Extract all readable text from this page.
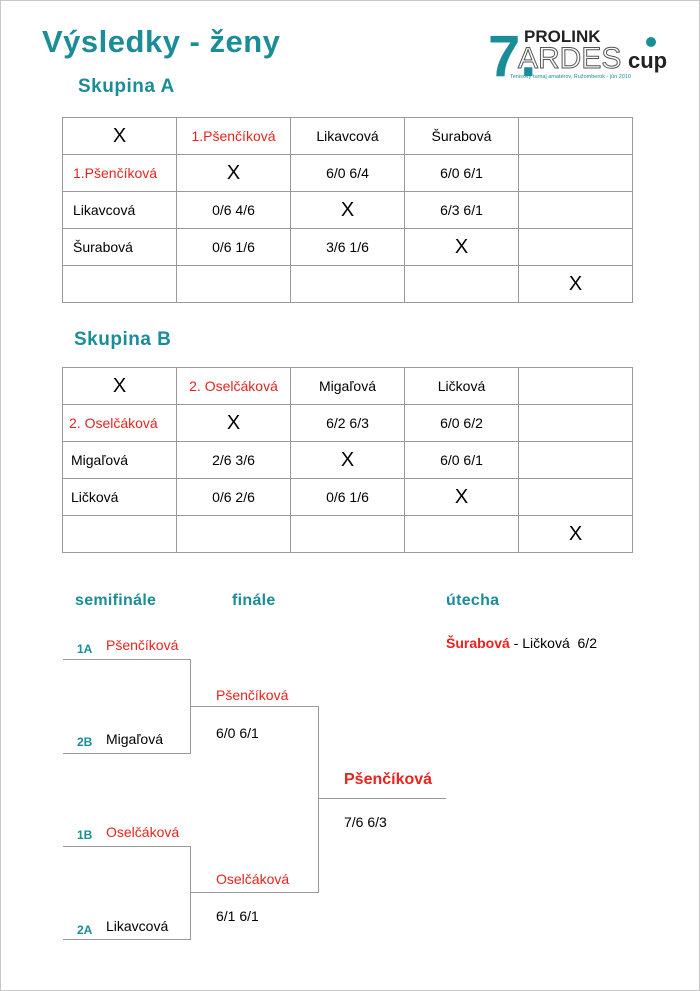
Výsledky - ženy	7.
PROLINK
ARDES cup
Tenisový turnaj amatérov, Ružomberok - jún 2010
Skupina A
X	1.Pšenčíková	Likavcová	Šurabová	
1.Pšenčíková	X	6/0 6/4	6/0 6/1	
Likavcová	0/6 4/6	X	6/3 6/1	
Šurabová	0/6 1/6	3/6 1/6	X	
				X
Skupina B
X	2. Oselčáková	Migaľová	Ličková	
2. Oselčáková	X	6/2 6/3	6/0 6/2	
Migaľová	2/6 3/6	X	6/0 6/1	
Ličková	0/6 2/6	0/6 1/6	X	
				X
semifinále	finále	útecha
1A Pšenčíková
2B Migaľová
1B Oselčáková
2A Likavcová
Pšenčíková
6/0 6/1
Oselčáková
6/1 6/1
Pšenčíková
7/6 6/3
Šurabová - Ličková 6/2
